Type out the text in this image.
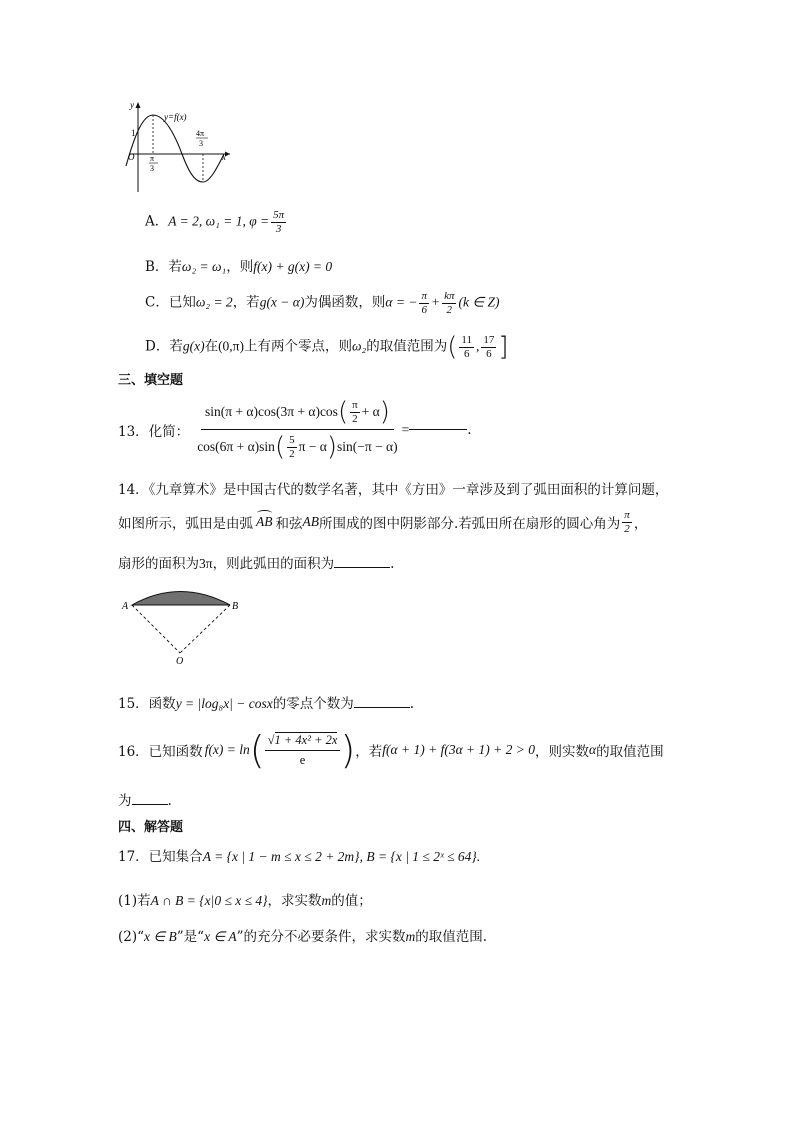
y
y=f(x)
1
O	x
π
3
4π
3
A．A = 2, ω₁ = 1, $\varphi = \frac{5\pi}{3}$
B．若ω₂ = ω₁，则f(x) + g(x) = 0
C．已知ω₂ = 2，若g(x − α)为偶函数，则α = − $\frac{\pi}{6} + \frac{k\pi}{2} (k$ ∈ Z)
D．若g(x)在(0,π)上有两个零点，则ω₂的取值范围为( $\frac{11}{6}$ , $\frac{17}{6}$ ]
三、填空题
13．化简： $\frac{\sin(\pi + \alpha)\cos(3\pi + \alpha)\cos ( \frac{\pi}{2} + \alpha )}{\cos(6\pi + \alpha)\sin ( \frac{5}{2} \pi - \alpha ) \sin(-\pi - \alpha)}$ =	.
14．《九章算术》是中国古代的数学名著，其中《方田》一章涉及到了弧田面积的计算问题，
如图所示，弧田是由弧 AB 和弦 AB 所围成的图中阴影部分.若弧田所在扇形的圆心角为 $\frac{\pi}{2}$ ，
扇形的面积为3π，则此弧田的面积为	.
A	B
O
15．函数y = |log₈x| − cosx的零点个数为	.
16．已知函数 f(x) = ln ( √1 + 4x² + 2x
e ) ，若 f(α + 1) + f(3α + 1) + 2 > 0 ，则实数 α 的取值范围
为	.
四、解答题
17．已知集合A = {x | 1 − m ≤ x ≤ 2 + 2m}, B = {x | 1 ≤ 2ˣ ≤ 64}.
(1)若A ∩ B = {x|0 ≤ x ≤ 4}，求实数m的值；
(2)“x ∈ B”是“x ∈ A”的充分不必要条件，求实数m的取值范围.
